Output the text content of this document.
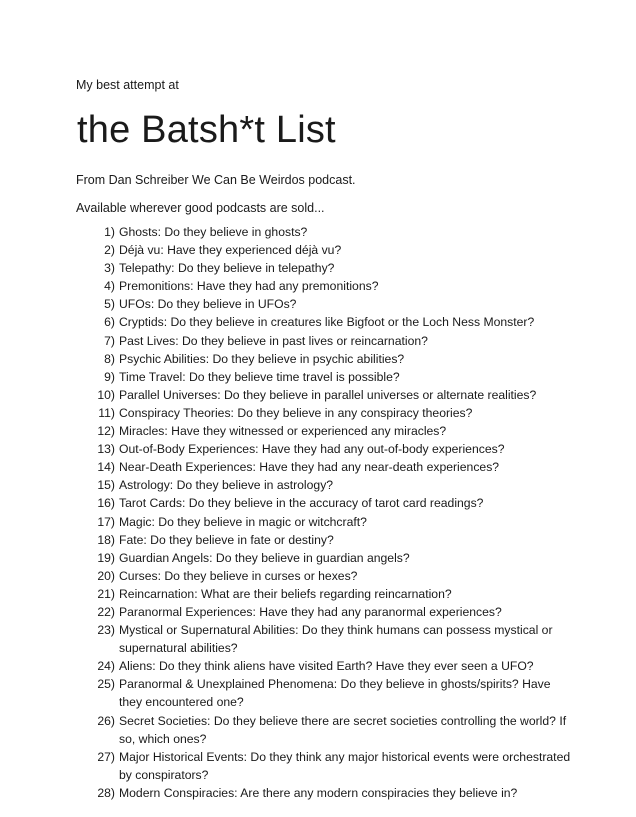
My best attempt at
the Batsh*t List
From Dan Schreiber We Can Be Weirdos podcast.
Available wherever good podcasts are sold...
1) Ghosts: Do they believe in ghosts?
2) Déjà vu: Have they experienced déjà vu?
3) Telepathy: Do they believe in telepathy?
4) Premonitions: Have they had any premonitions?
5) UFOs: Do they believe in UFOs?
6) Cryptids: Do they believe in creatures like Bigfoot or the Loch Ness Monster?
7) Past Lives: Do they believe in past lives or reincarnation?
8) Psychic Abilities: Do they believe in psychic abilities?
9) Time Travel: Do they believe time travel is possible?
10) Parallel Universes: Do they believe in parallel universes or alternate realities?
11) Conspiracy Theories: Do they believe in any conspiracy theories?
12) Miracles: Have they witnessed or experienced any miracles?
13) Out-of-Body Experiences: Have they had any out-of-body experiences?
14) Near-Death Experiences: Have they had any near-death experiences?
15) Astrology: Do they believe in astrology?
16) Tarot Cards: Do they believe in the accuracy of tarot card readings?
17) Magic: Do they believe in magic or witchcraft?
18) Fate: Do they believe in fate or destiny?
19) Guardian Angels: Do they believe in guardian angels?
20) Curses: Do they believe in curses or hexes?
21) Reincarnation: What are their beliefs regarding reincarnation?
22) Paranormal Experiences: Have they had any paranormal experiences?
23) Mystical or Supernatural Abilities: Do they think humans can possess mystical or supernatural abilities?
24) Aliens: Do they think aliens have visited Earth? Have they ever seen a UFO?
25) Paranormal & Unexplained Phenomena: Do they believe in ghosts/spirits? Have they encountered one?
26) Secret Societies: Do they believe there are secret societies controlling the world? If so, which ones?
27) Major Historical Events: Do they think any major historical events were orchestrated by conspirators?
28) Modern Conspiracies: Are there any modern conspiracies they believe in?
